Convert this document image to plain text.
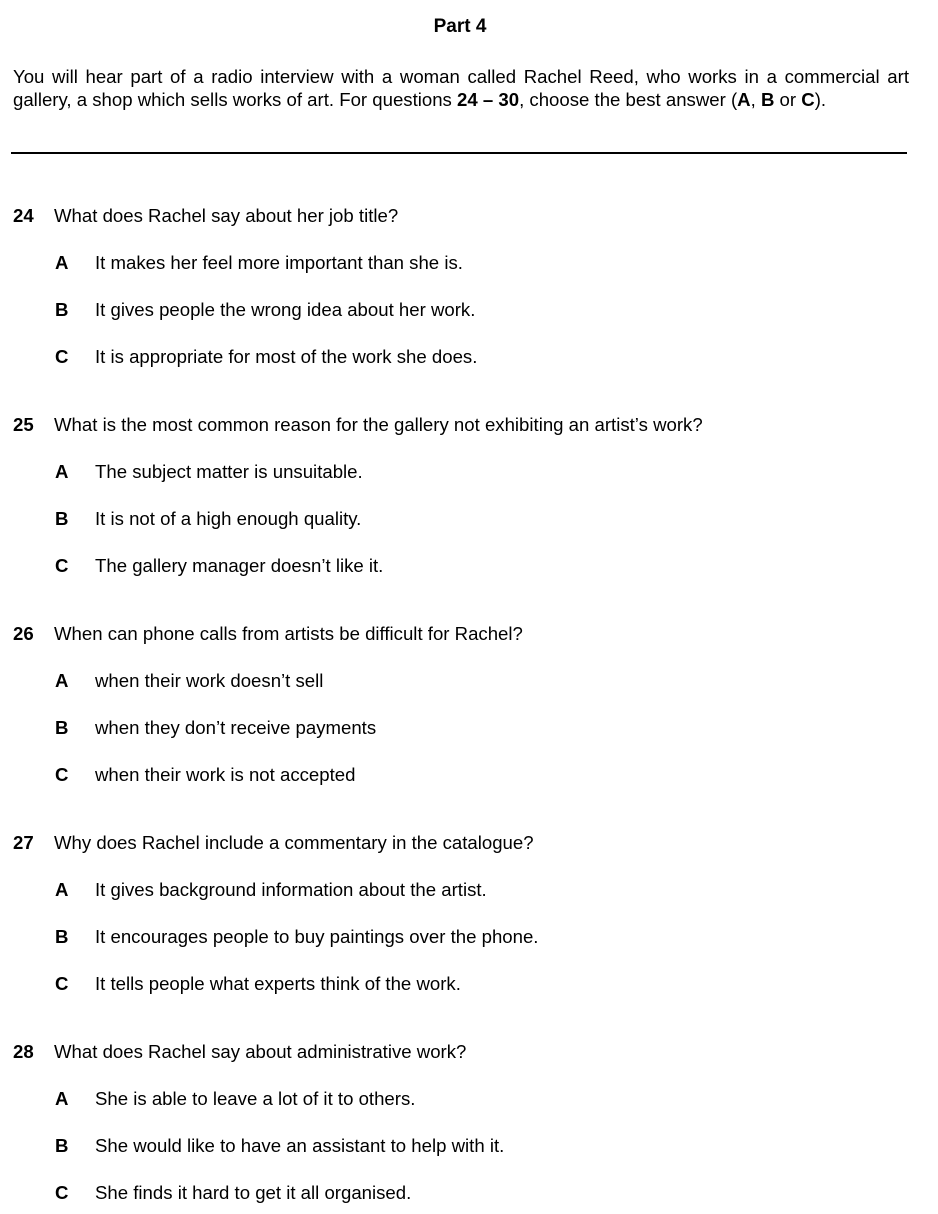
Part 4
You will hear part of a radio interview with a woman called Rachel Reed, who works in a commercial art gallery, a shop which sells works of art. For questions 24 – 30, choose the best answer (A, B or C).
24 What does Rachel say about her job title?
A It makes her feel more important than she is.
B It gives people the wrong idea about her work.
C It is appropriate for most of the work she does.
25 What is the most common reason for the gallery not exhibiting an artist’s work?
A The subject matter is unsuitable.
B It is not of a high enough quality.
C The gallery manager doesn’t like it.
26 When can phone calls from artists be difficult for Rachel?
A when their work doesn’t sell
B when they don’t receive payments
C when their work is not accepted
27 Why does Rachel include a commentary in the catalogue?
A It gives background information about the artist.
B It encourages people to buy paintings over the phone.
C It tells people what experts think of the work.
28 What does Rachel say about administrative work?
A She is able to leave a lot of it to others.
B She would like to have an assistant to help with it.
C She finds it hard to get it all organised.
